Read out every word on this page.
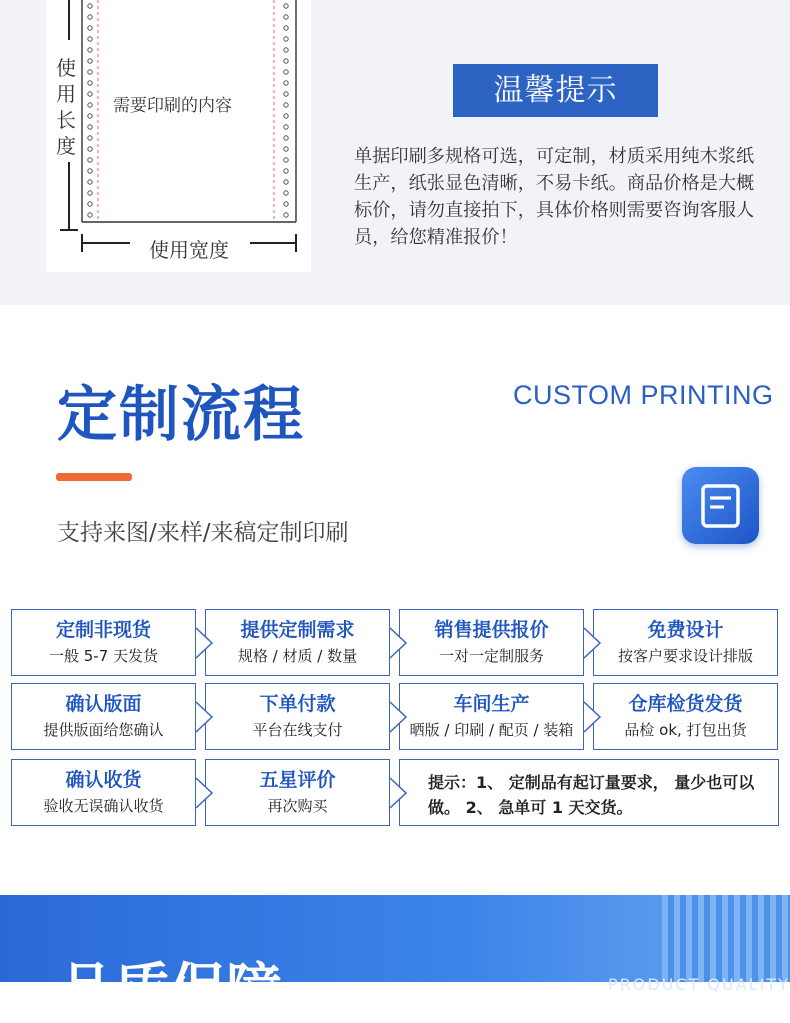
使用长度
需要印刷的内容
使用宽度
温馨提示

单据印刷多规格可选，可定制，材质采用纯木浆纸生产，纸张显色清晰，不易卡纸。商品价格是大概标价，请勿直接拍下，具体价格则需要咨询客服人员，给您精准报价！

定制流程	CUSTOM PRINTING
支持来图/来样/来稿定制印刷
定制非现货
一般 5-7 天发货
提供定制需求
规格 / 材质 / 数量
销售提供报价
一对一定制服务
免费设计
按客户要求设计排版
确认版面
提供版面给您确认
下单付款
平台在线支付
车间生产
晒版 / 印刷 / 配页 / 装箱
仓库检货发货
品检 ok, 打包出货
确认收货
验收无误确认收货
五星评价
再次购买
提示：1、 定制品有起订量要求， 量少也可以做。 2、 急单可 1 天交货。
品质保障	PRODUCT QUALITY
